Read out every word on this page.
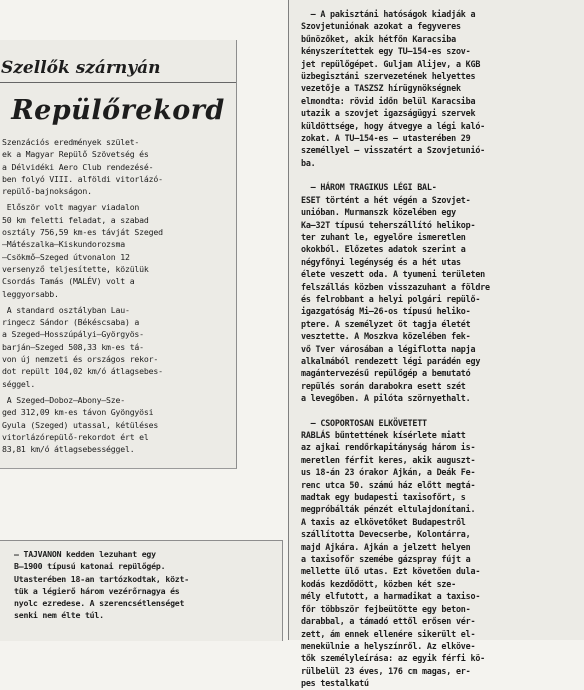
Szellők szárnyán
Repülőrekord
Szenzációs eredmények szület-
ek a Magyar Repülő Szövetség és
a Délvidéki Aero Club rendezésé-
ben folyó VIII. alföldi vitorlázó-
repülő-bajnokságon.
Először volt magyar viadalon
50 km feletti feladat, a szabad
osztály 756,59 km-es távját Szeged
—Mátészalka—Kiskundorozsma
—Csökmő—Szeged útvonalon 12
versenyző teljesítette, közülük
Csordás Tamás (MALÉV) volt a
leggyorsabb.
A standard osztályban Lau-
ringecz Sándor (Békéscsaba) a
a Szeged—Hosszúpályi—Györgyös-
barján—Szeged 508,33 km-es tá-
von új nemzeti és országos rekor-
dot repült 104,02 km/ó átlagsebes-
séggel.
A Szeged—Doboz—Abony—Sze-
ged 312,09 km-es távon Gyöngyösi
Gyula (Szeged) utassal, kétüléses
vitorlázórepülő-rekordot ért el
83,81 km/ó átlagsebességgel.
— TAJVANON kedden lezuhant egy
B—1900 típusú katonai repülőgép.
Utasterében 18-an tartózkodtak, közt-
tük a légierő három vezérőrnagya és
nyolc ezredese. A szerencsétlenséget
senki nem élte túl.
— A pakisztáni hatóságok kiadják a
Szovjetuniónak azokat a fegyveres
bűnözőket, akik hétfőn Karacsiba
kényszerítettek egy TU—154-es szov-
jet repülőgépet. Guljam Alijev, a KGB
üzbegisztáni szervezetének helyettes
vezetője a TASZSZ hírügynökségnek
elmondta: rövid időn belül Karacsiba
utazik a szovjet igazságügyi szervek
küldöttsége, hogy átvegye a légi kaló-
zokat. A TU—154-es — utasterében 29
személlyel — visszatért a Szovjetunió-
ba.
— HÁROM TRAGIKUS LÉGI BAL-
ESET történt a hét végén a Szovjet-
unióban. Murmanszk közelében egy
Ka—32T típusú teherszállító helikop-
ter zuhant le, egyelőre ismeretlen
okokból. Előzetes adatok szerint a
négyfőnyi legénység és a hét utas
élete veszett oda. A tyumeni területen
felszállás közben visszazuhant a földre
és felrobbant a helyi polgári repülő-
igazgatóság Mi—26-os típusú heliko-
ptere. A személyzet öt tagja életét
vesztette. A Moszkva közelében fek-
vő Tver városában a légiflotta napja
alkalmából rendezett légi parádén egy
magántervezésű repülőgép a bemutató
repülés során darabokra esett szét
a levegőben. A pilóta szörnyethalt.
— CSOPORTOSAN ELKÖVETETT
RABLÁS bűntettének kísérlete miatt
az ajkai rendőrkapitányság három is-
meretlen férfit keres, akik auguszt-
us 18-án 23 órakor Ajkán, a Deák Fe-
renc utca 50. számú ház előtt megtá-
madtak egy budapesti taxisofőrt, s
megpróbálták pénzét eltulajdonítani.
A taxis az elkövetőket Budapestről
szállította Devecserbe, Kolontárra,
majd Ajkára. Ajkán a jelzett helyen
a taxisofőr szemébe gázspray fújt a
mellette ülő utas. Ezt követően dula-
kodás kezdődött, közben két sze-
mély elfutott, a harmadikat a taxiso-
főr többször fejbeütötte egy beton-
darabbal, a támadó ettől erősen vér-
zett, ám ennek ellenére sikerült el-
menekülnie a helyszínről. Az elköve-
tők személyleírása: az egyik férfi kö-
rülbelül 23 éves, 176 cm magas, er-
pes testalkatú
